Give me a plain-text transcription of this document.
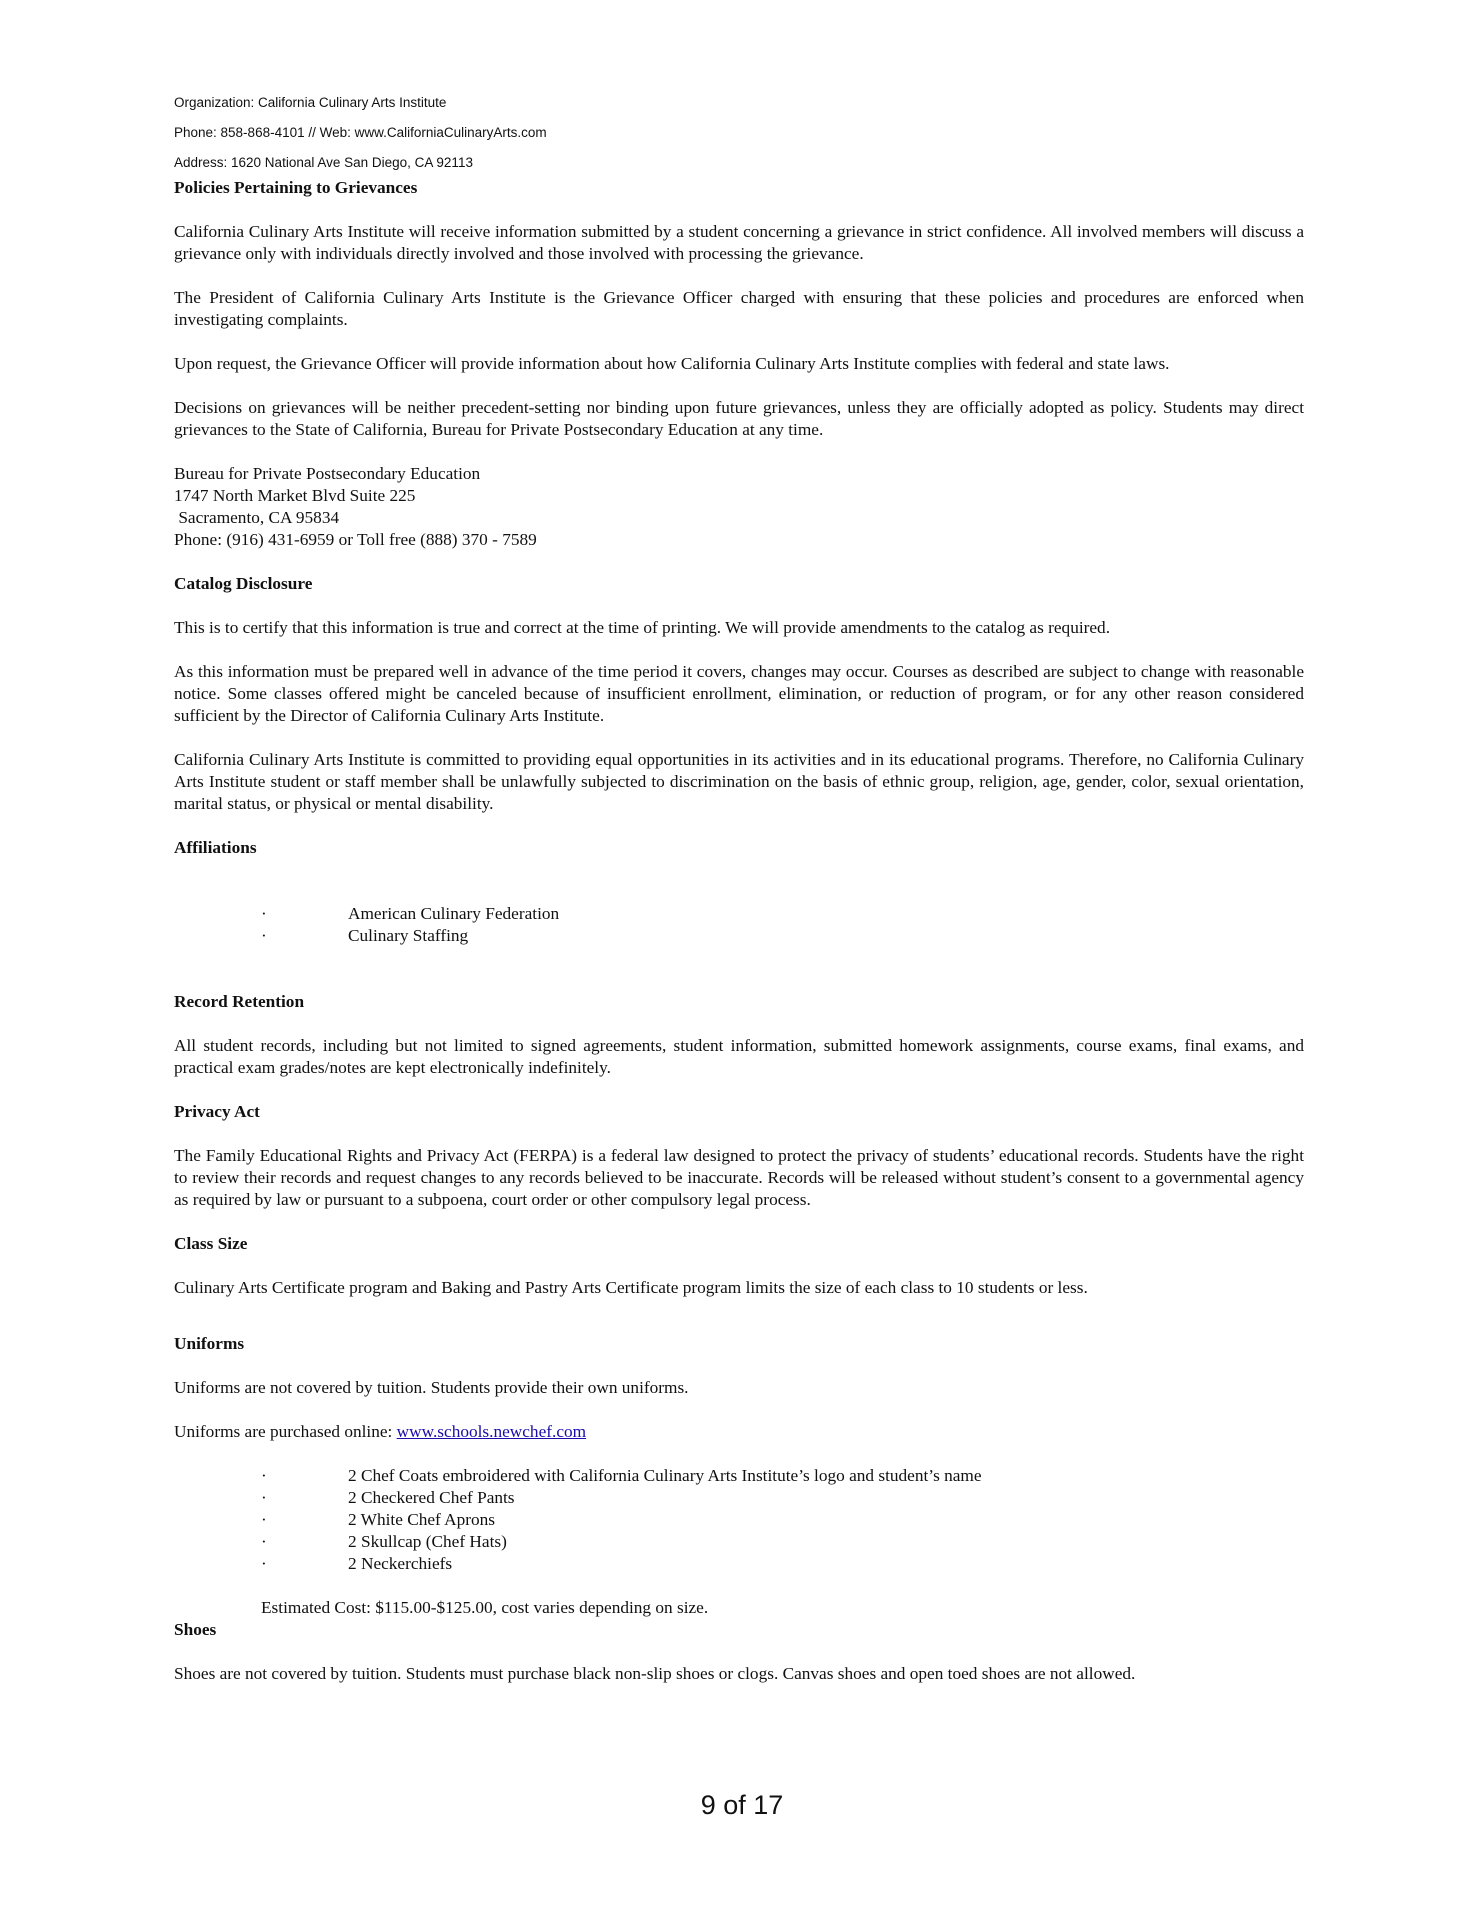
Organization: California Culinary Arts Institute
Phone: 858-868-4101 // Web: www.CaliforniaCulinaryArts.com
Address: 1620 National Ave San Diego, CA 92113
Policies Pertaining to Grievances

California Culinary Arts Institute will receive information submitted by a student concerning a grievance in strict confidence. All involved members will discuss a grievance only with individuals directly involved and those involved with processing the grievance.

The President of California Culinary Arts Institute is the Grievance Officer charged with ensuring that these policies and procedures are enforced when investigating complaints.

Upon request, the Grievance Officer will provide information about how California Culinary Arts Institute complies with federal and state laws.

Decisions on grievances will be neither precedent-setting nor binding upon future grievances, unless they are officially adopted as policy. Students may direct grievances to the State of California, Bureau for Private Postsecondary Education at any time.

Bureau for Private Postsecondary Education
1747 North Market Blvd Suite 225
Sacramento, CA 95834
Phone: (916) 431-6959 or Toll free (888) 370 - 7589
Catalog Disclosure

This is to certify that this information is true and correct at the time of printing. We will provide amendments to the catalog as required.

As this information must be prepared well in advance of the time period it covers, changes may occur. Courses as described are subject to change with reasonable notice. Some classes offered might be canceled because of insufficient enrollment, elimination, or reduction of program, or for any other reason considered sufficient by the Director of California Culinary Arts Institute.

California Culinary Arts Institute is committed to providing equal opportunities in its activities and in its educational programs. Therefore, no California Culinary Arts Institute student or staff member shall be unlawfully subjected to discrimination on the basis of ethnic group, religion, age, gender, color, sexual orientation, marital status, or physical or mental disability.

Affiliations
·	American Culinary Federation
·	Culinary Staffing
Record Retention

All student records, including but not limited to signed agreements, student information, submitted homework assignments, course exams, final exams, and practical exam grades/notes are kept electronically indefinitely.

Privacy Act

The Family Educational Rights and Privacy Act (FERPA) is a federal law designed to protect the privacy of students’ educational records. Students have the right to review their records and request changes to any records believed to be inaccurate. Records will be released without student’s consent to a governmental agency as required by law or pursuant to a subpoena, court order or other compulsory legal process.

Class Size

Culinary Arts Certificate program and Baking and Pastry Arts Certificate program limits the size of each class to 10 students or less.

Uniforms

Uniforms are not covered by tuition. Students provide their own uniforms.

Uniforms are purchased online: www.schools.newchef.com

·	2 Chef Coats embroidered with California Culinary Arts Institute’s logo and student’s name
·	2 Checkered Chef Pants
·	2 White Chef Aprons
·	2 Skullcap (Chef Hats)
·	2 Neckerchiefs
Estimated Cost: $115.00-$125.00, cost varies depending on size.
Shoes

Shoes are not covered by tuition. Students must purchase black non-slip shoes or clogs. Canvas shoes and open toed shoes are not allowed.

9 of 17
